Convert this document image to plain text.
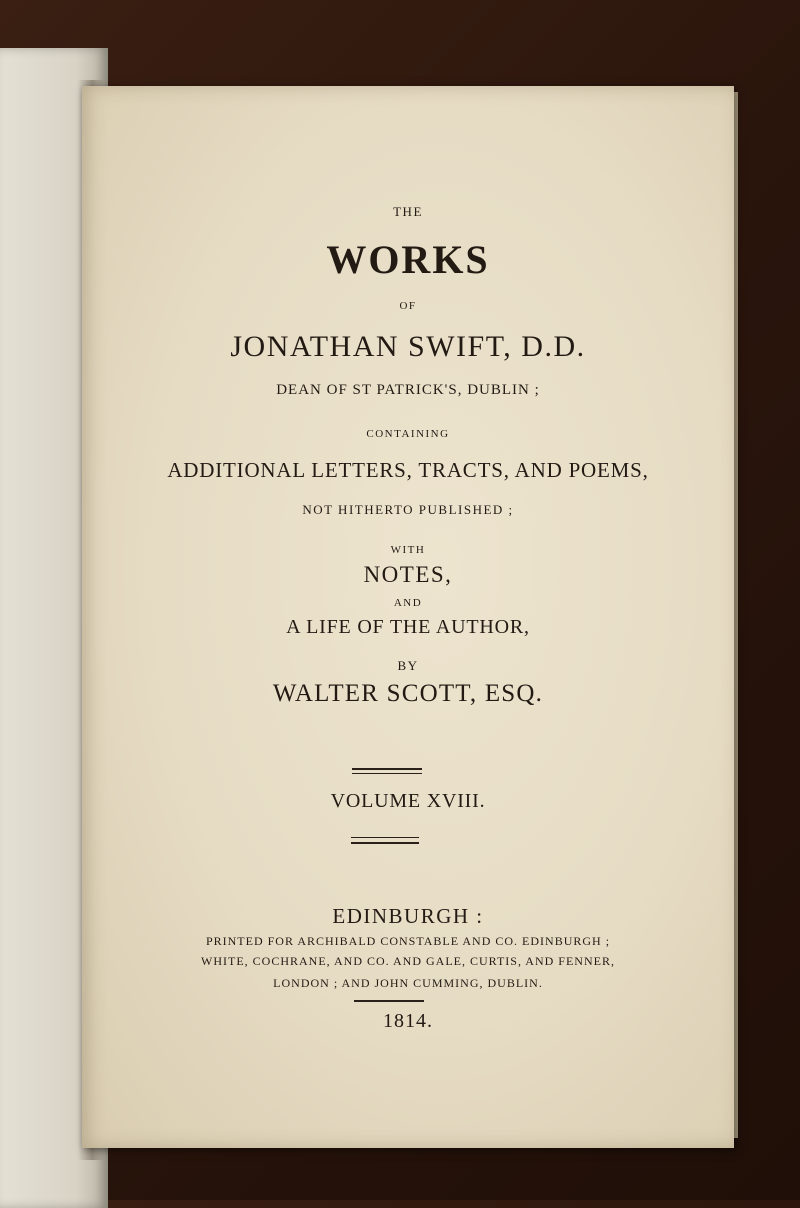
THE
WORKS
OF
JONATHAN SWIFT, D.D.
DEAN OF ST PATRICK'S, DUBLIN ;
CONTAINING
ADDITIONAL LETTERS, TRACTS, AND POEMS,
NOT HITHERTO PUBLISHED ;
WITH
NOTES,
AND
A LIFE OF THE AUTHOR,
BY
WALTER SCOTT, ESQ.
VOLUME XVIII.
EDINBURGH :
PRINTED FOR ARCHIBALD CONSTABLE AND CO. EDINBURGH ;
WHITE, COCHRANE, AND CO. AND GALE, CURTIS, AND FENNER,
LONDON ; AND JOHN CUMMING, DUBLIN.
1814.
